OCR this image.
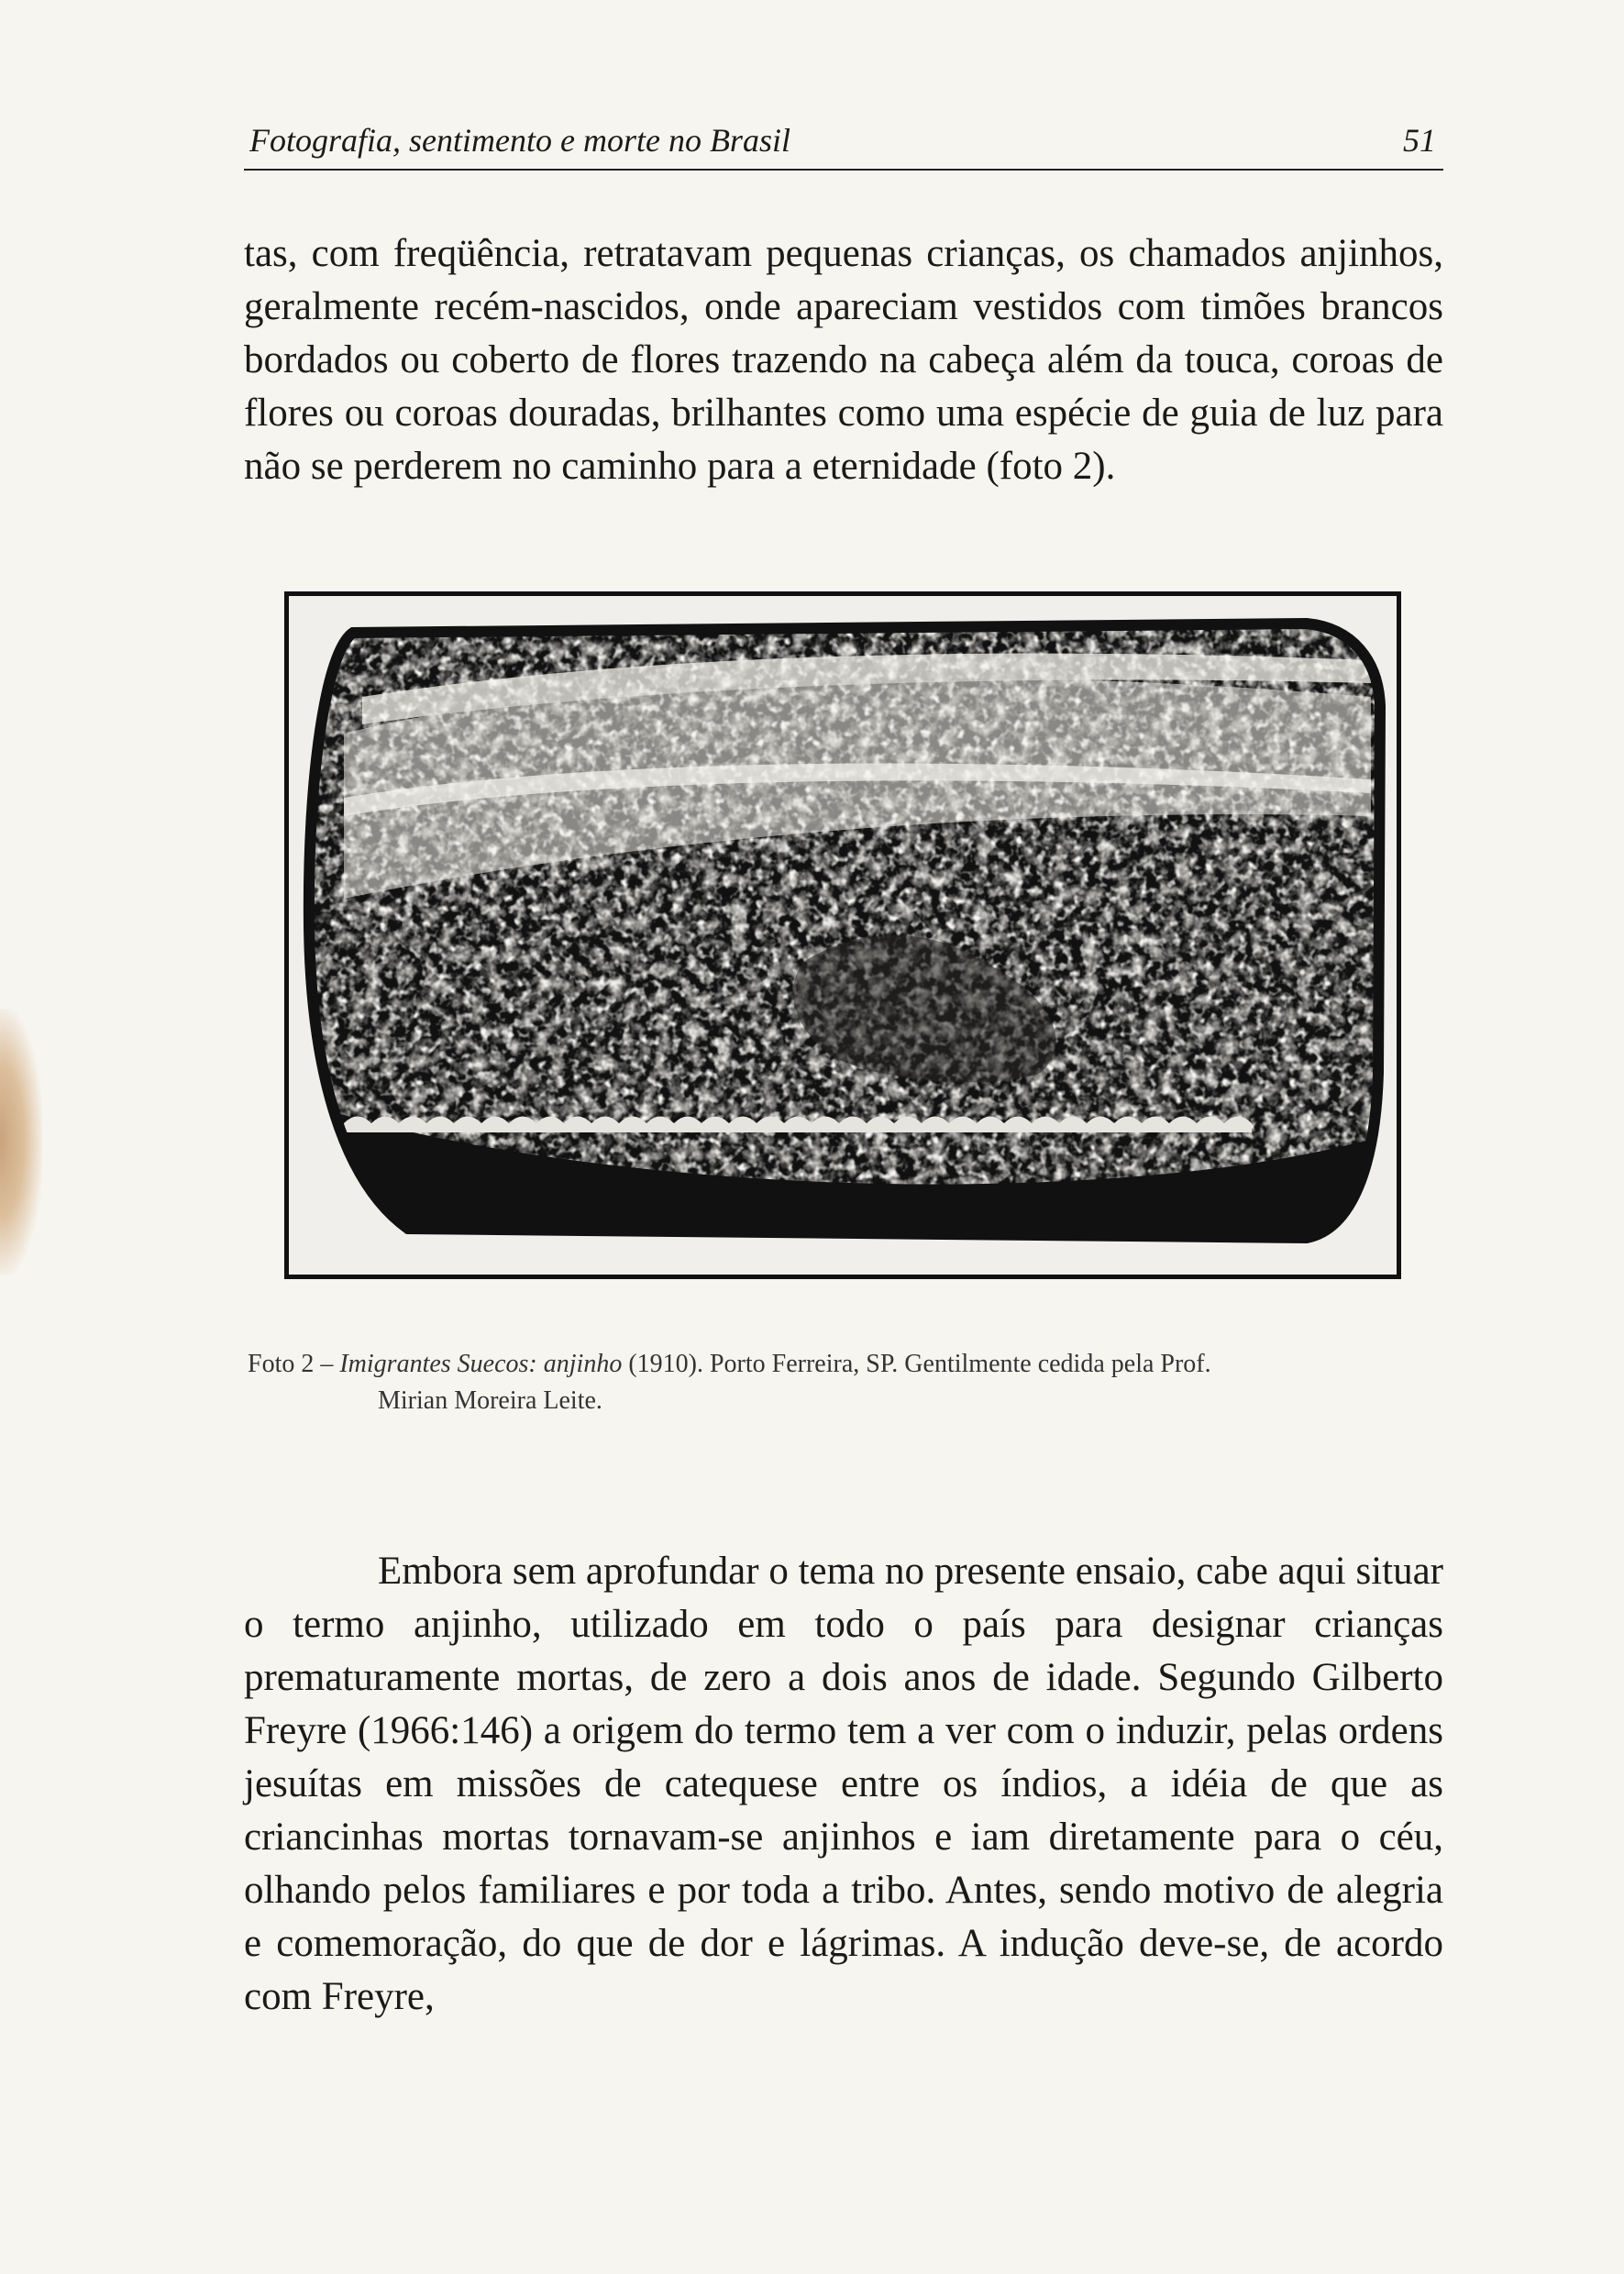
Fotografia, sentimento e morte no Brasil	51

tas, com freqüência, retratavam pequenas crianças, os chamados anjinhos, geralmente recém-nascidos, onde apareciam vestidos com timões brancos bordados ou coberto de flores trazendo na cabeça além da touca, coroas de flores ou coroas douradas, brilhantes como uma espécie de guia de luz para não se perderem no caminho para a eternidade (foto 2).

Foto 2 – Imigrantes Suecos: anjinho (1910). Porto Ferreira, SP. Gentilmente cedida pela Prof.
Mirian Moreira Leite.

Embora sem aprofundar o tema no presente ensaio, cabe aqui situar o termo anjinho, utilizado em todo o país para designar crianças prematuramente mortas, de zero a dois anos de idade. Segundo Gilberto Freyre (1966:146) a origem do termo tem a ver com o induzir, pelas ordens jesuítas em missões de catequese entre os índios, a idéia de que as criancinhas mortas tornavam-se anjinhos e iam diretamente para o céu, olhando pelos familiares e por toda a tribo. Antes, sendo motivo de alegria e comemoração, do que de dor e lágrimas. A indução deve-se, de acordo com Freyre,
